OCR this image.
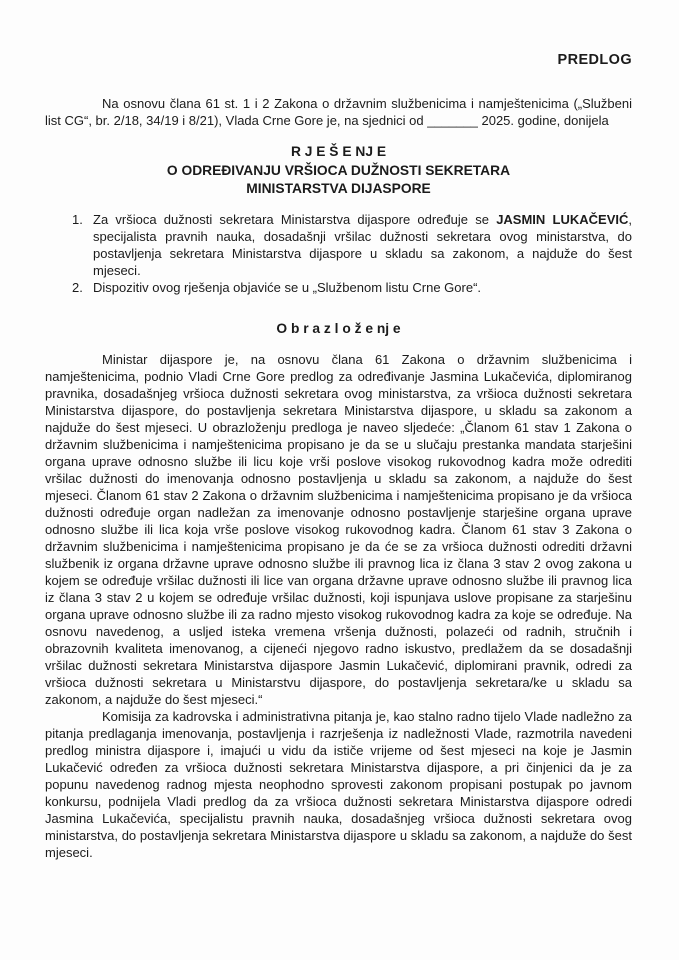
PREDLOG

Na osnovu člana 61 st. 1 i 2 Zakona o državnim službenicima i namještenicima („Službeni list CG“, br. 2/18, 34/19 i 8/21), Vlada Crne Gore je, na sjednici od _______ 2025. godine, donijela

R J E Š E NJ E
O ODREĐIVANJU VRŠIOCA DUŽNOSTI SEKRETARA
MINISTARSTVA DIJASPORE
1. Za vršioca dužnosti sekretara Ministarstva dijaspore određuje se JASMIN LUKAČEVIĆ, specijalista pravnih nauka, dosadašnji vršilac dužnosti sekretara ovog ministarstva, do postavljenja sekretara Ministarstva dijaspore u skladu sa zakonom, a najduže do šest mjeseci.

2. Dispozitiv ovog rješenja objaviće se u „Službenom listu Crne Gore“.

O b r a z l o ž e nj e

Ministar dijaspore je, na osnovu člana 61 Zakona o državnim službenicima i namještenicima, podnio Vladi Crne Gore predlog za određivanje Jasmina Lukačevića, diplomiranog pravnika, dosadašnjeg vršioca dužnosti sekretara ovog ministarstva, za vršioca dužnosti sekretara Ministarstva dijaspore, do postavljenja sekretara Ministarstva dijaspore, u skladu sa zakonom a najduže do šest mjeseci. U obrazloženju predloga je naveo sljedeće: „Članom 61 stav 1 Zakona o državnim službenicima i namještenicima propisano je da se u slučaju prestanka mandata starješini organa uprave odnosno službe ili licu koje vrši poslove visokog rukovodnog kadra može odrediti vršilac dužnosti do imenovanja odnosno postavljenja u skladu sa zakonom, a najduže do šest mjeseci. Članom 61 stav 2 Zakona o državnim službenicima i namještenicima propisano je da vršioca dužnosti određuje organ nadležan za imenovanje odnosno postavljenje starješine organa uprave odnosno službe ili lica koja vrše poslove visokog rukovodnog kadra. Članom 61 stav 3 Zakona o državnim službenicima i namještenicima propisano je da će se za vršioca dužnosti odrediti državni službenik iz organa državne uprave odnosno službe ili pravnog lica iz člana 3 stav 2 ovog zakona u kojem se određuje vršilac dužnosti ili lice van organa državne uprave odnosno službe ili pravnog lica iz člana 3 stav 2 u kojem se određuje vršilac dužnosti, koji ispunjava uslove propisane za starješinu organa uprave odnosno službe ili za radno mjesto visokog rukovodnog kadra za koje se određuje. Na osnovu navedenog, a usljed isteka vremena vršenja dužnosti, polazeći od radnih, stručnih i obrazovnih kvaliteta imenovanog, a cijeneći njegovo radno iskustvo, predlažem da se dosadašnji vršilac dužnosti sekretara Ministarstva dijaspore Jasmin Lukačević, diplomirani pravnik, odredi za vršioca dužnosti sekretara u Ministarstvu dijaspore, do postavljenja sekretara/ke u skladu sa zakonom, a najduže do šest mjeseci.“

Komisija za kadrovska i administrativna pitanja je, kao stalno radno tijelo Vlade nadležno za pitanja predlaganja imenovanja, postavljenja i razrješenja iz nadležnosti Vlade, razmotrila navedeni predlog ministra dijaspore i, imajući u vidu da ističe vrijeme od šest mjeseci na koje je Jasmin Lukačević određen za vršioca dužnosti sekretara Ministarstva dijaspore, a pri činjenici da je za popunu navedenog radnog mjesta neophodno sprovesti zakonom propisani postupak po javnom konkursu, podnijela Vladi predlog da za vršioca dužnosti sekretara Ministarstva dijaspore odredi Jasmina Lukačevića, specijalistu pravnih nauka, dosadašnjeg vršioca dužnosti sekretara ovog ministarstva, do postavljenja sekretara Ministarstva dijaspore u skladu sa zakonom, a najduže do šest mjeseci.
